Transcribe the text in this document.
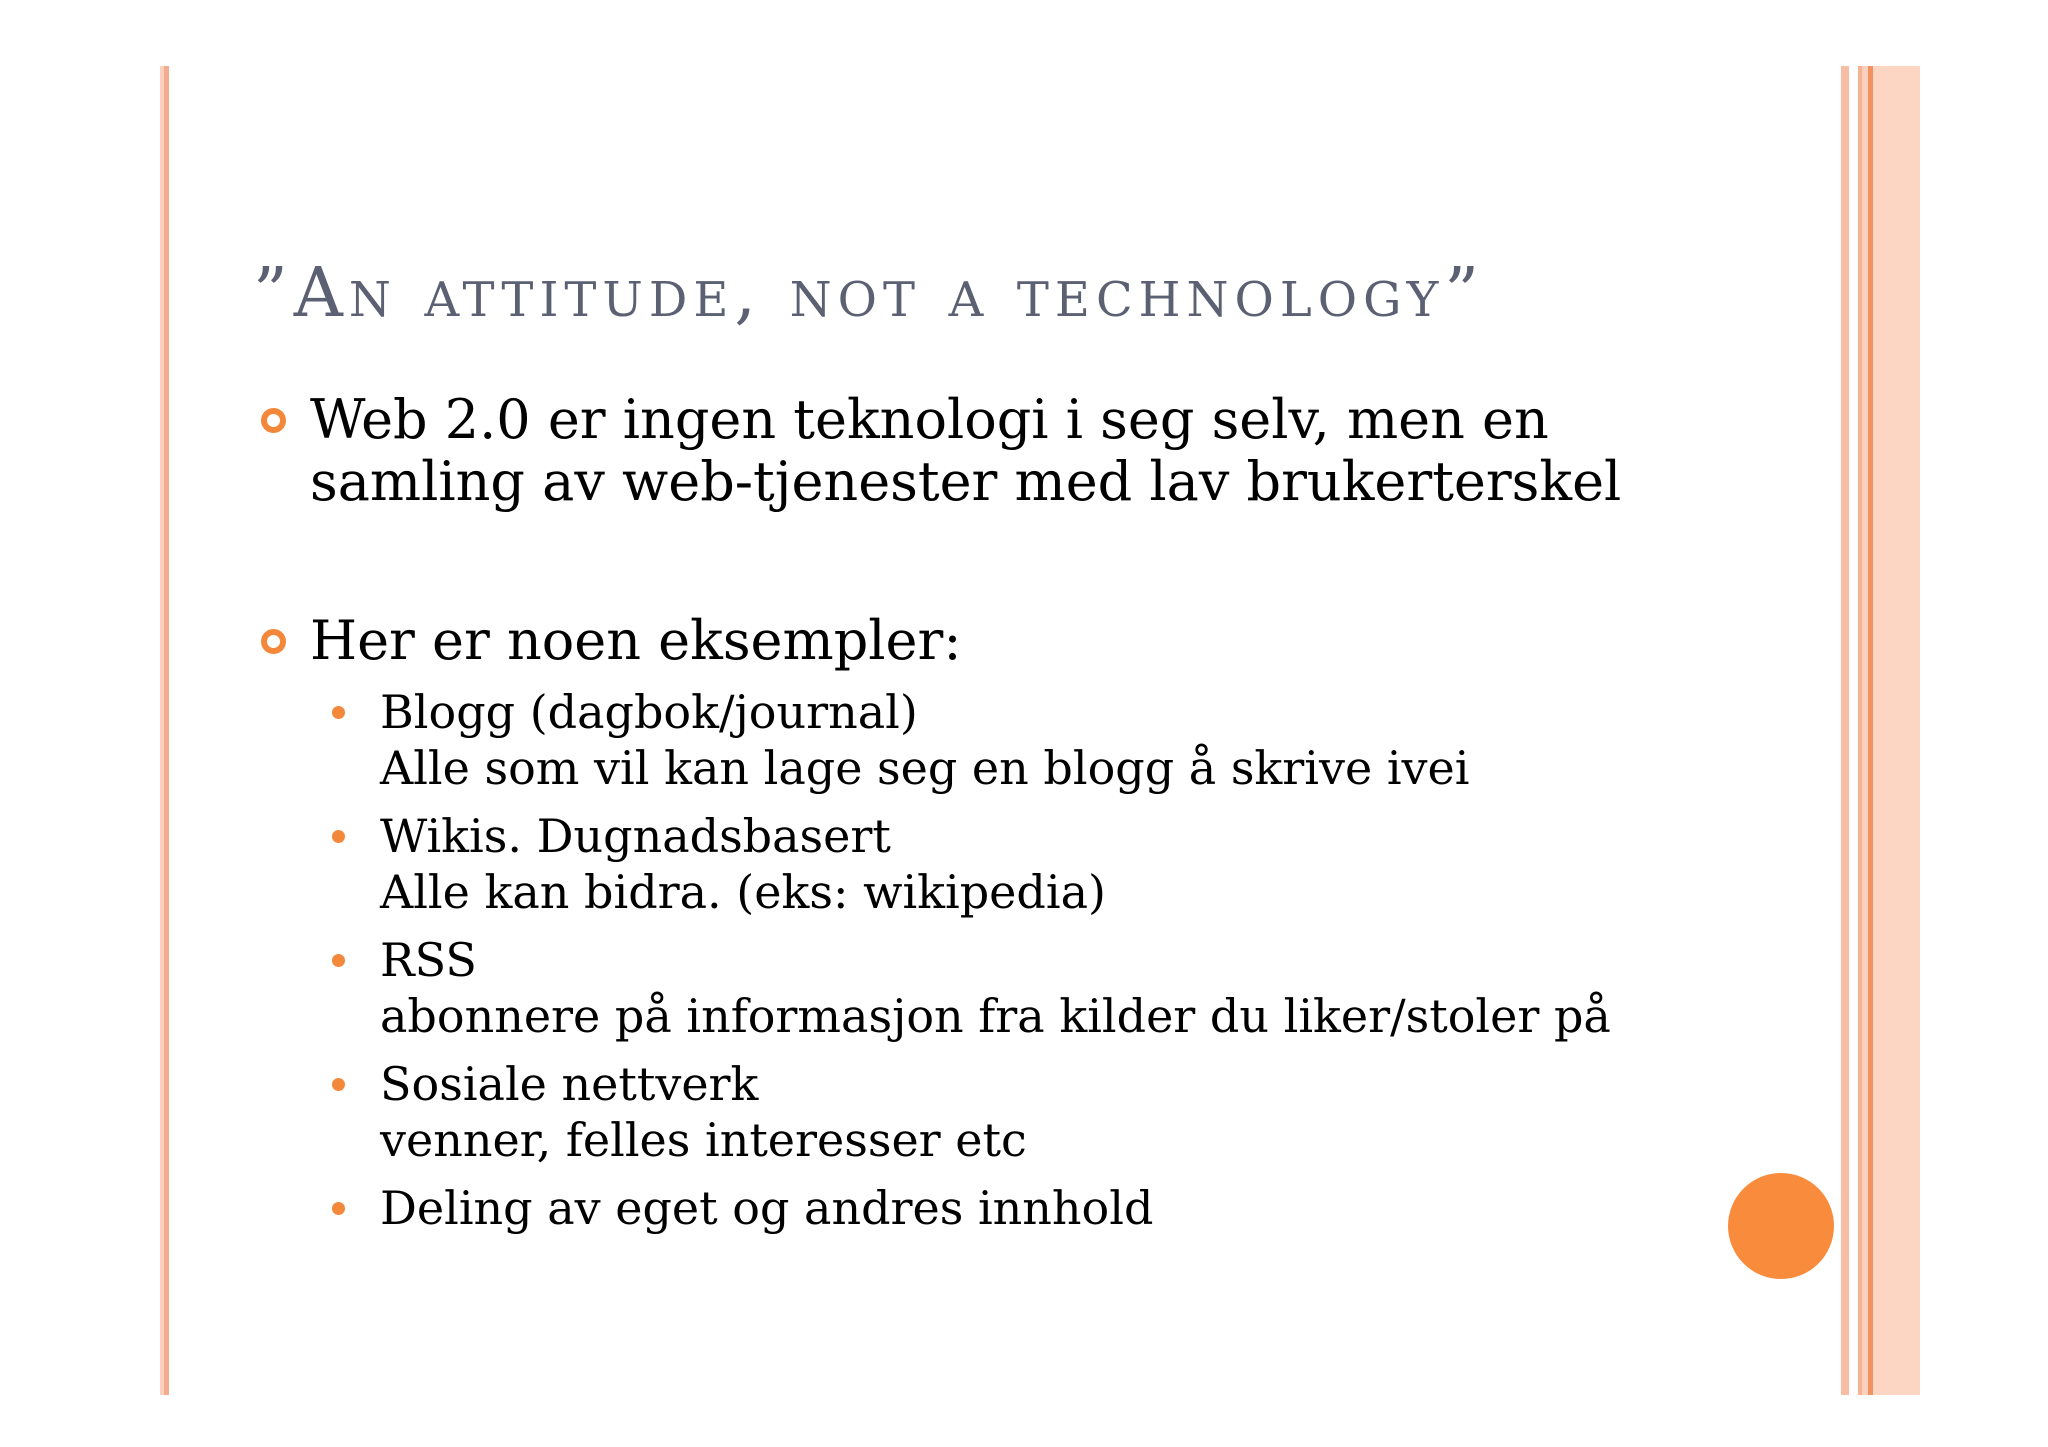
”An attitude, not a technology”
Web 2.0 er ingen teknologi i seg selv, men en
samling av web-tjenester med lav brukerterskel
Her er noen eksempler:
Blogg (dagbok/journal)
Alle som vil kan lage seg en blogg å skrive ivei
Wikis. Dugnadsbasert
Alle kan bidra. (eks: wikipedia)
RSS
abonnere på informasjon fra kilder du liker/stoler på
Sosiale nettverk
venner, felles interesser etc
Deling av eget og andres innhold
